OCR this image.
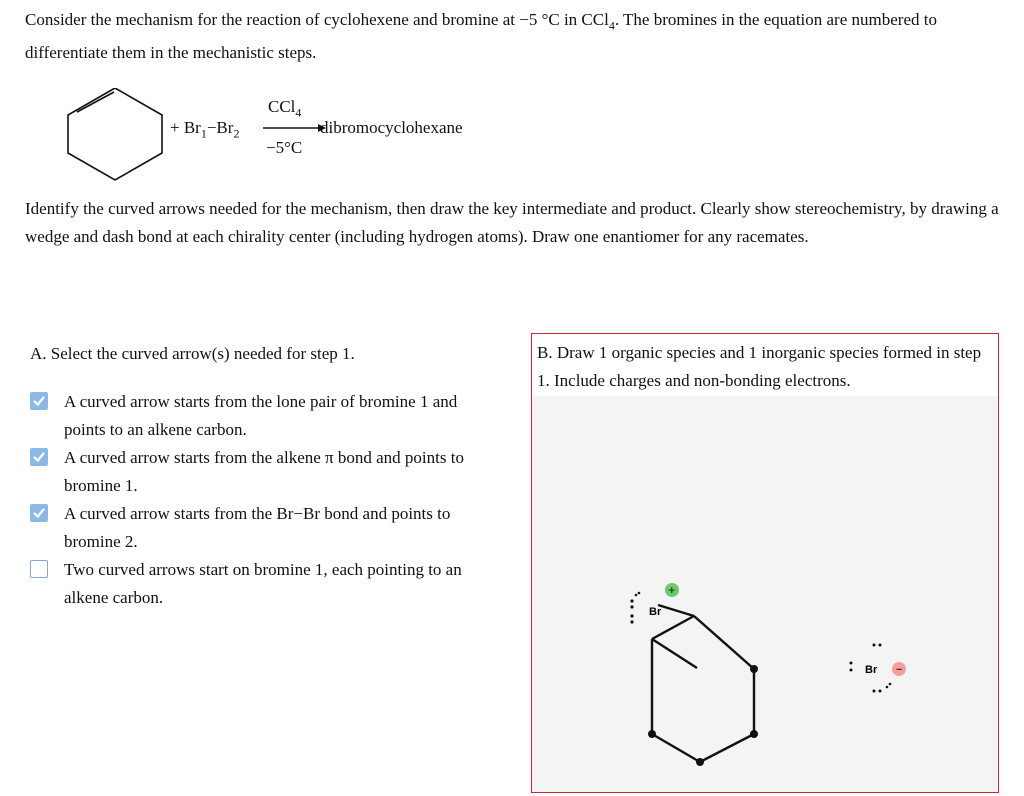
Consider the mechanism for the reaction of cyclohexene and bromine at −5 °C in CCl$_4$. The bromines in the equation are numbered to differentiate them in the mechanistic steps.
+ $Br_1-Br_2$
CCl$_4$
−5°C
dibromocyclohexane
Identify the curved arrows needed for the mechanism, then draw the key intermediate and product. Clearly show stereochemistry, by drawing a wedge and dash bond at each chirality center (including hydrogen atoms). Draw one enantiomer for any racemates.
A. Select the curved arrow(s) needed for step 1.
A curved arrow starts from the lone pair of bromine 1 and points to an alkene carbon.
A curved arrow starts from the alkene π bond and points to bromine 1.
A curved arrow starts from the Br−Br bond and points to bromine 2.
Two curved arrows start on bromine 1, each pointing to an alkene carbon.
B. Draw 1 organic species and 1 inorganic species formed in step 1. Include charges and non-bonding electrons.
Br
+
Br −
